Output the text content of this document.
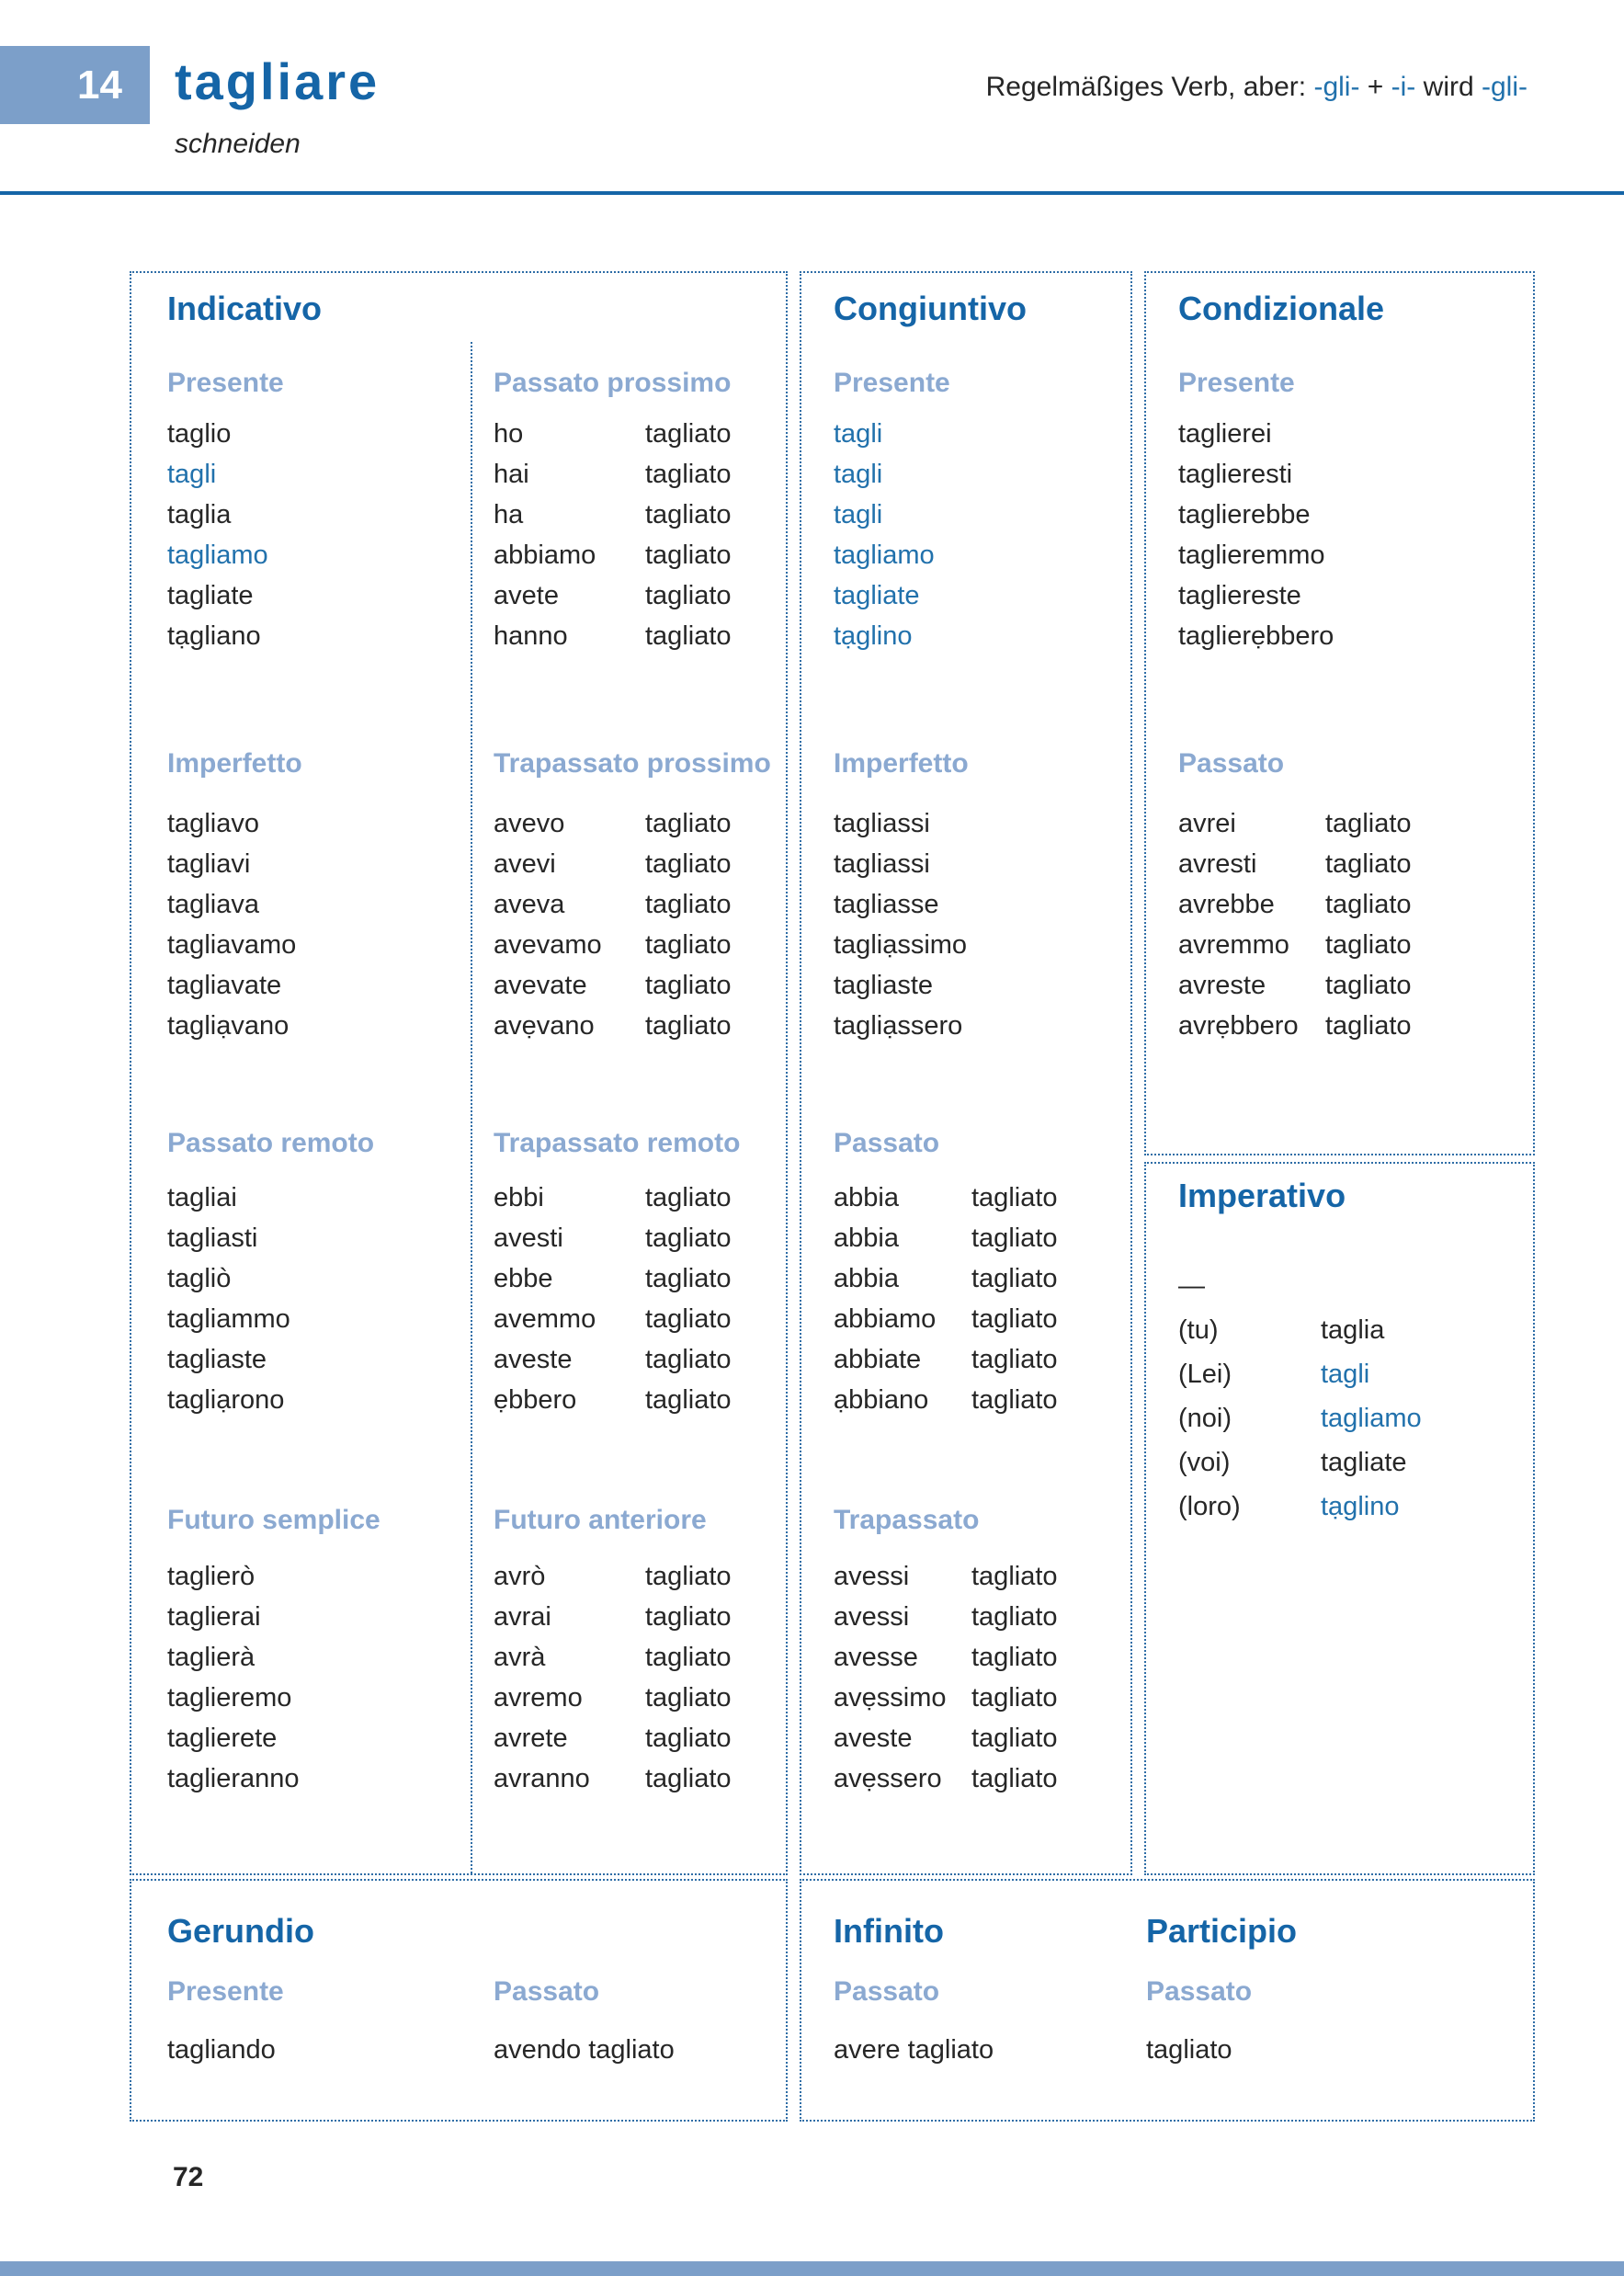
14 tagliare
schneiden
Regelmäßiges Verb, aber: -gli- + -i- wird -gli-
Indicativo
Presente
taglio
tagli
taglia
tagliamo
tagliate
tạgliano
Imperfetto
tagliavo
tagliavi
tagliava
tagliavamo
tagliavate
tagliạvano
Passato remoto
tagliai
tagliasti
tagliò
tagliammo
tagliaste
tagliạrono
Futuro semplice
taglierò
taglierai
taglierà
taglieremo
taglierete
taglieranno
Passato prossimo
ho	tagliato
hai	tagliato
ha	tagliato
abbiamo	tagliato
avete	tagliato
hanno	tagliato
Trapassato prossimo
avevo	tagliato
avevi	tagliato
aveva	tagliato
avevamo	tagliato
avevate	tagliato
avẹvano	tagliato
Trapassato remoto
ebbi	tagliato
avesti	tagliato
ebbe	tagliato
avemmo	tagliato
aveste	tagliato
ẹbbero	tagliato
Futuro anteriore
avrò	tagliato
avrai	tagliato
avrà	tagliato
avremo	tagliato
avrete	tagliato
avranno	tagliato
Congiuntivo
Presente
tagli
tagli
tagli
tagliamo
tagliate
tạglino
Imperfetto
tagliassi
tagliassi
tagliasse
tagliạssimo
tagliaste
tagliạssero
Passato
abbia	tagliato
abbia	tagliato
abbia	tagliato
abbiamo	tagliato
abbiate	tagliato
ạbbiano	tagliato
Trapassato
avessi	tagliato
avessi	tagliato
avesse	tagliato
avẹssimo tagliato
aveste	tagliato
avẹssero	tagliato
Condizionale
Presente
taglierei
taglieresti
taglierebbe
taglieremmo
tagliereste
taglierẹbbero
Passato
avrei	tagliato
avresti	tagliato
avrebbe	tagliato
avremmo	tagliato
avreste	tagliato
avrẹbbero	tagliato
Imperativo
—
(tu)	taglia
(Lei)	tagli
(noi)	tagliamo
(voi)	tagliate
(loro)	tạglino
Gerundio
Presente
tagliando
Passato
avendo tagliato
Infinito
Passato
avere tagliato
Participio
Passato
tagliato
72
